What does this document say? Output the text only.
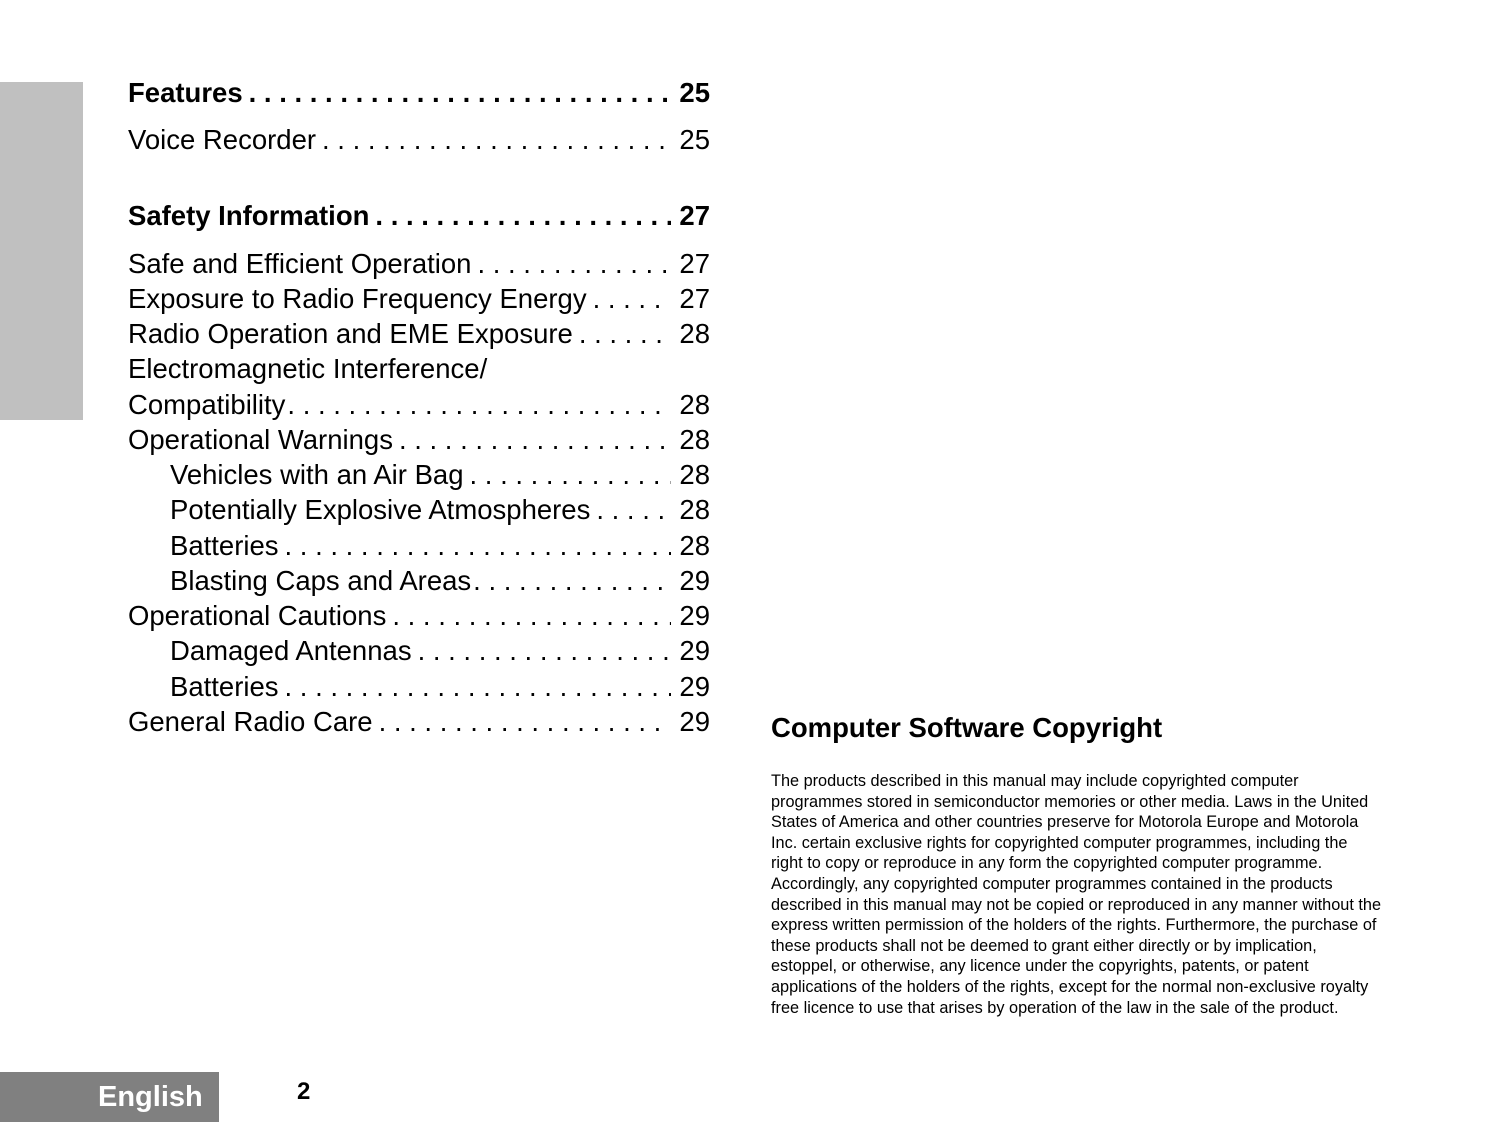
Features . . .	25
Voice Recorder . . .	25
Safety Information . . .	27
Safe and Efficient Operation . . .	27
Exposure to Radio Frequency Energy . . .	27
Radio Operation and EME Exposure . . .	28
Electromagnetic Interference/
Compatibility . . .	28
Operational Warnings . . .	28
Vehicles with an Air Bag . . .	28
Potentially Explosive Atmospheres . . .	28
Batteries . . .	28
Blasting Caps and Areas . . .	29
Operational Cautions . . .	29
Damaged Antennas . . .	29
Batteries . . .	29
General Radio Care . . .	29 Computer Software Copyright
The products described in this manual may include copyrighted computer programmes stored in semiconductor memories or other media. Laws in the United States of America and other countries preserve for Motorola Europe and Motorola Inc. certain exclusive rights for copyrighted computer programmes, including the right to copy or reproduce in any form the copyrighted computer programme. Accordingly, any copyrighted computer programmes contained in the products described in this manual may not be copied or reproduced in any manner without the express written permission of the holders of the rights. Furthermore, the purchase of these products shall not be deemed to grant either directly or by implication, estoppel, or otherwise, any licence under the copyrights, patents, or patent applications of the holders of the rights, except for the normal non-exclusive royalty free licence to use that arises by operation of the law in the sale of the product.
English	2
